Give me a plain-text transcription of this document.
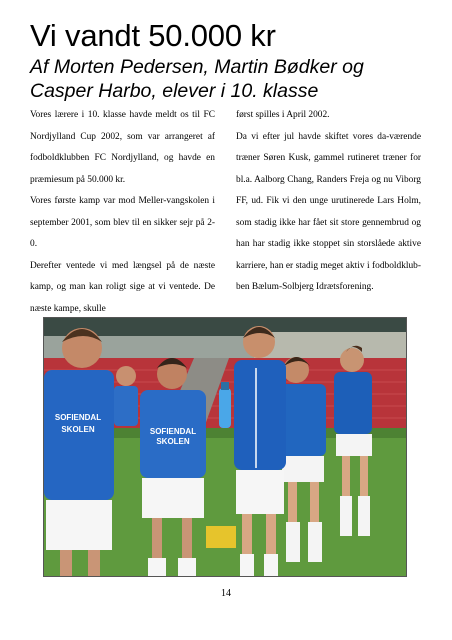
Vi vandt 50.000 kr
Af Morten Pedersen, Martin Bødker og Casper Harbo, elever i 10. klasse

Vores lærere i 10. klasse havde meldt os til FC Nordjylland Cup 2002, som var arrangeret af fodboldklubben FC Nordjylland, og havde en præmiesum på 50.000 kr.

Vores første kamp var mod Meller-vangskolen i september 2001, som blev til en sikker sejr på 2-0.

Derefter ventede vi med længsel på de næste kamp, og man kan roligt sige at vi ventede. De næste kampe, skulle

først spilles i April 2002.

Da vi efter jul havde skiftet vores da-værende træner Søren Kusk, gammel rutineret træner for bl.a. Aalborg Chang, Randers Freja og nu Viborg FF, ud. Fik vi den unge urutinerede Lars Holm, som stadig ikke har fået sit store gennembrud og han har stadig ikke stoppet sin storslåede aktive karriere, han er stadig meget aktiv i fodboldklub-ben Bælum-Solbjerg Idrætsforening.

SOFIENDAL
SKOLEN
SOFIENDAL
SKOLEN
14
